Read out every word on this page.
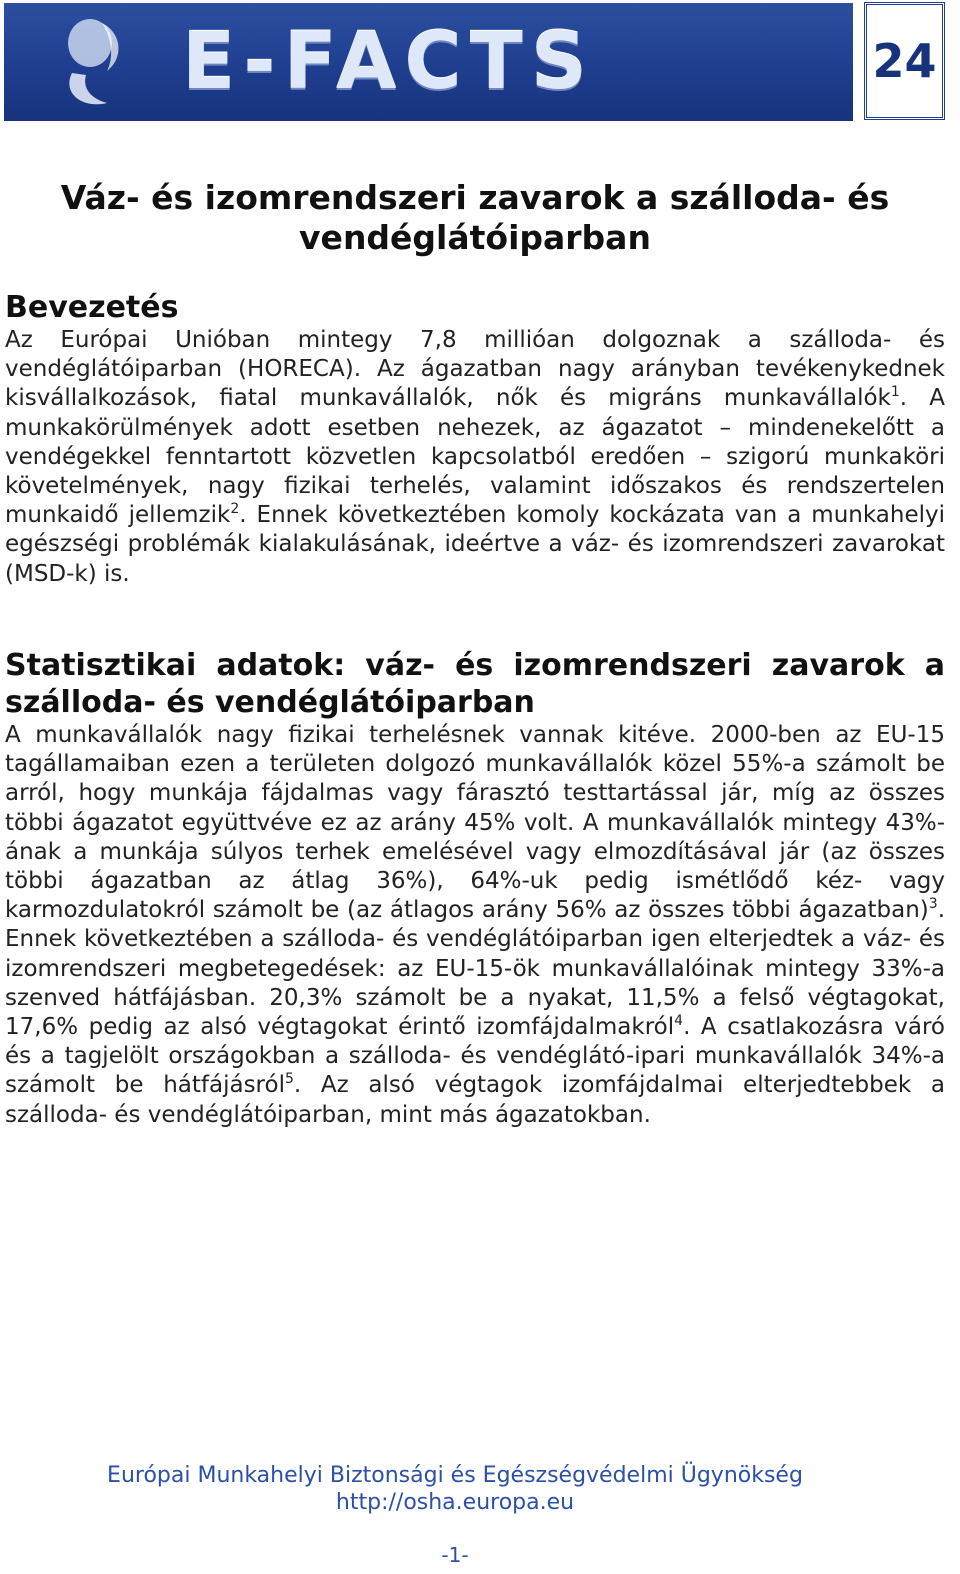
E-FACTS	24
Váz- és izomrendszeri zavarok a szálloda- és vendéglátóiparban
Bevezetés

Az Európai Unióban mintegy 7,8 millióan dolgoznak a szálloda- és vendéglátóiparban (HORECA). Az ágazatban nagy arányban tevékenykednek kisvállalkozások, fiatal munkavállalók, nők és migráns munkavállalók$^1$. A munkakörülmények adott esetben nehezek, az ágazatot – mindenekelőtt a vendégekkel fenntartott közvetlen kapcsolatból eredően – szigorú munkaköri követelmények, nagy fizikai terhelés, valamint időszakos és rendszertelen munkaidő jellemzik$^2$. Ennek következtében komoly kockázata van a munkahelyi egészségi problémák kialakulásának, ideértve a váz- és izomrendszeri zavarokat (MSD-k) is.

Statisztikai adatok: váz- és izomrendszeri zavarok a szálloda- és vendéglátóiparban

A munkavállalók nagy fizikai terhelésnek vannak kitéve. 2000-ben az EU-15 tagállamaiban ezen a területen dolgozó munkavállalók közel 55%-a számolt be arról, hogy munkája fájdalmas vagy fárasztó testtartással jár, míg az összes többi ágazatot együttvéve ez az arány 45% volt. A munkavállalók mintegy 43%-ának a munkája súlyos terhek emelésével vagy elmozdításával jár (az összes többi ágazatban az átlag 36%), 64%-uk pedig ismétlődő kéz- vagy karmozdulatokról számolt be (az átlagos arány 56% az összes többi ágazatban)$^3$. Ennek következtében a szálloda- és vendéglátóiparban igen elterjedtek a váz- és izomrendszeri megbetegedések: az EU-15-ök munkavállalóinak mintegy 33%-a szenved hátfájásban. 20,3% számolt be a nyakat, 11,5% a felső végtagokat, 17,6% pedig az alsó végtagokat érintő izomfájdalmakról$^4$. A csatlakozásra váró és a tagjelölt országokban a szálloda- és vendéglátó-ipari munkavállalók 34%-a számolt be hátfájásról$^5$. Az alsó végtagok izomfájdalmai elterjedtebbek a szálloda- és vendéglátóiparban, mint más ágazatokban.

Európai Munkahelyi Biztonsági és Egészségvédelmi Ügynökség
http://osha.europa.eu
-1-
